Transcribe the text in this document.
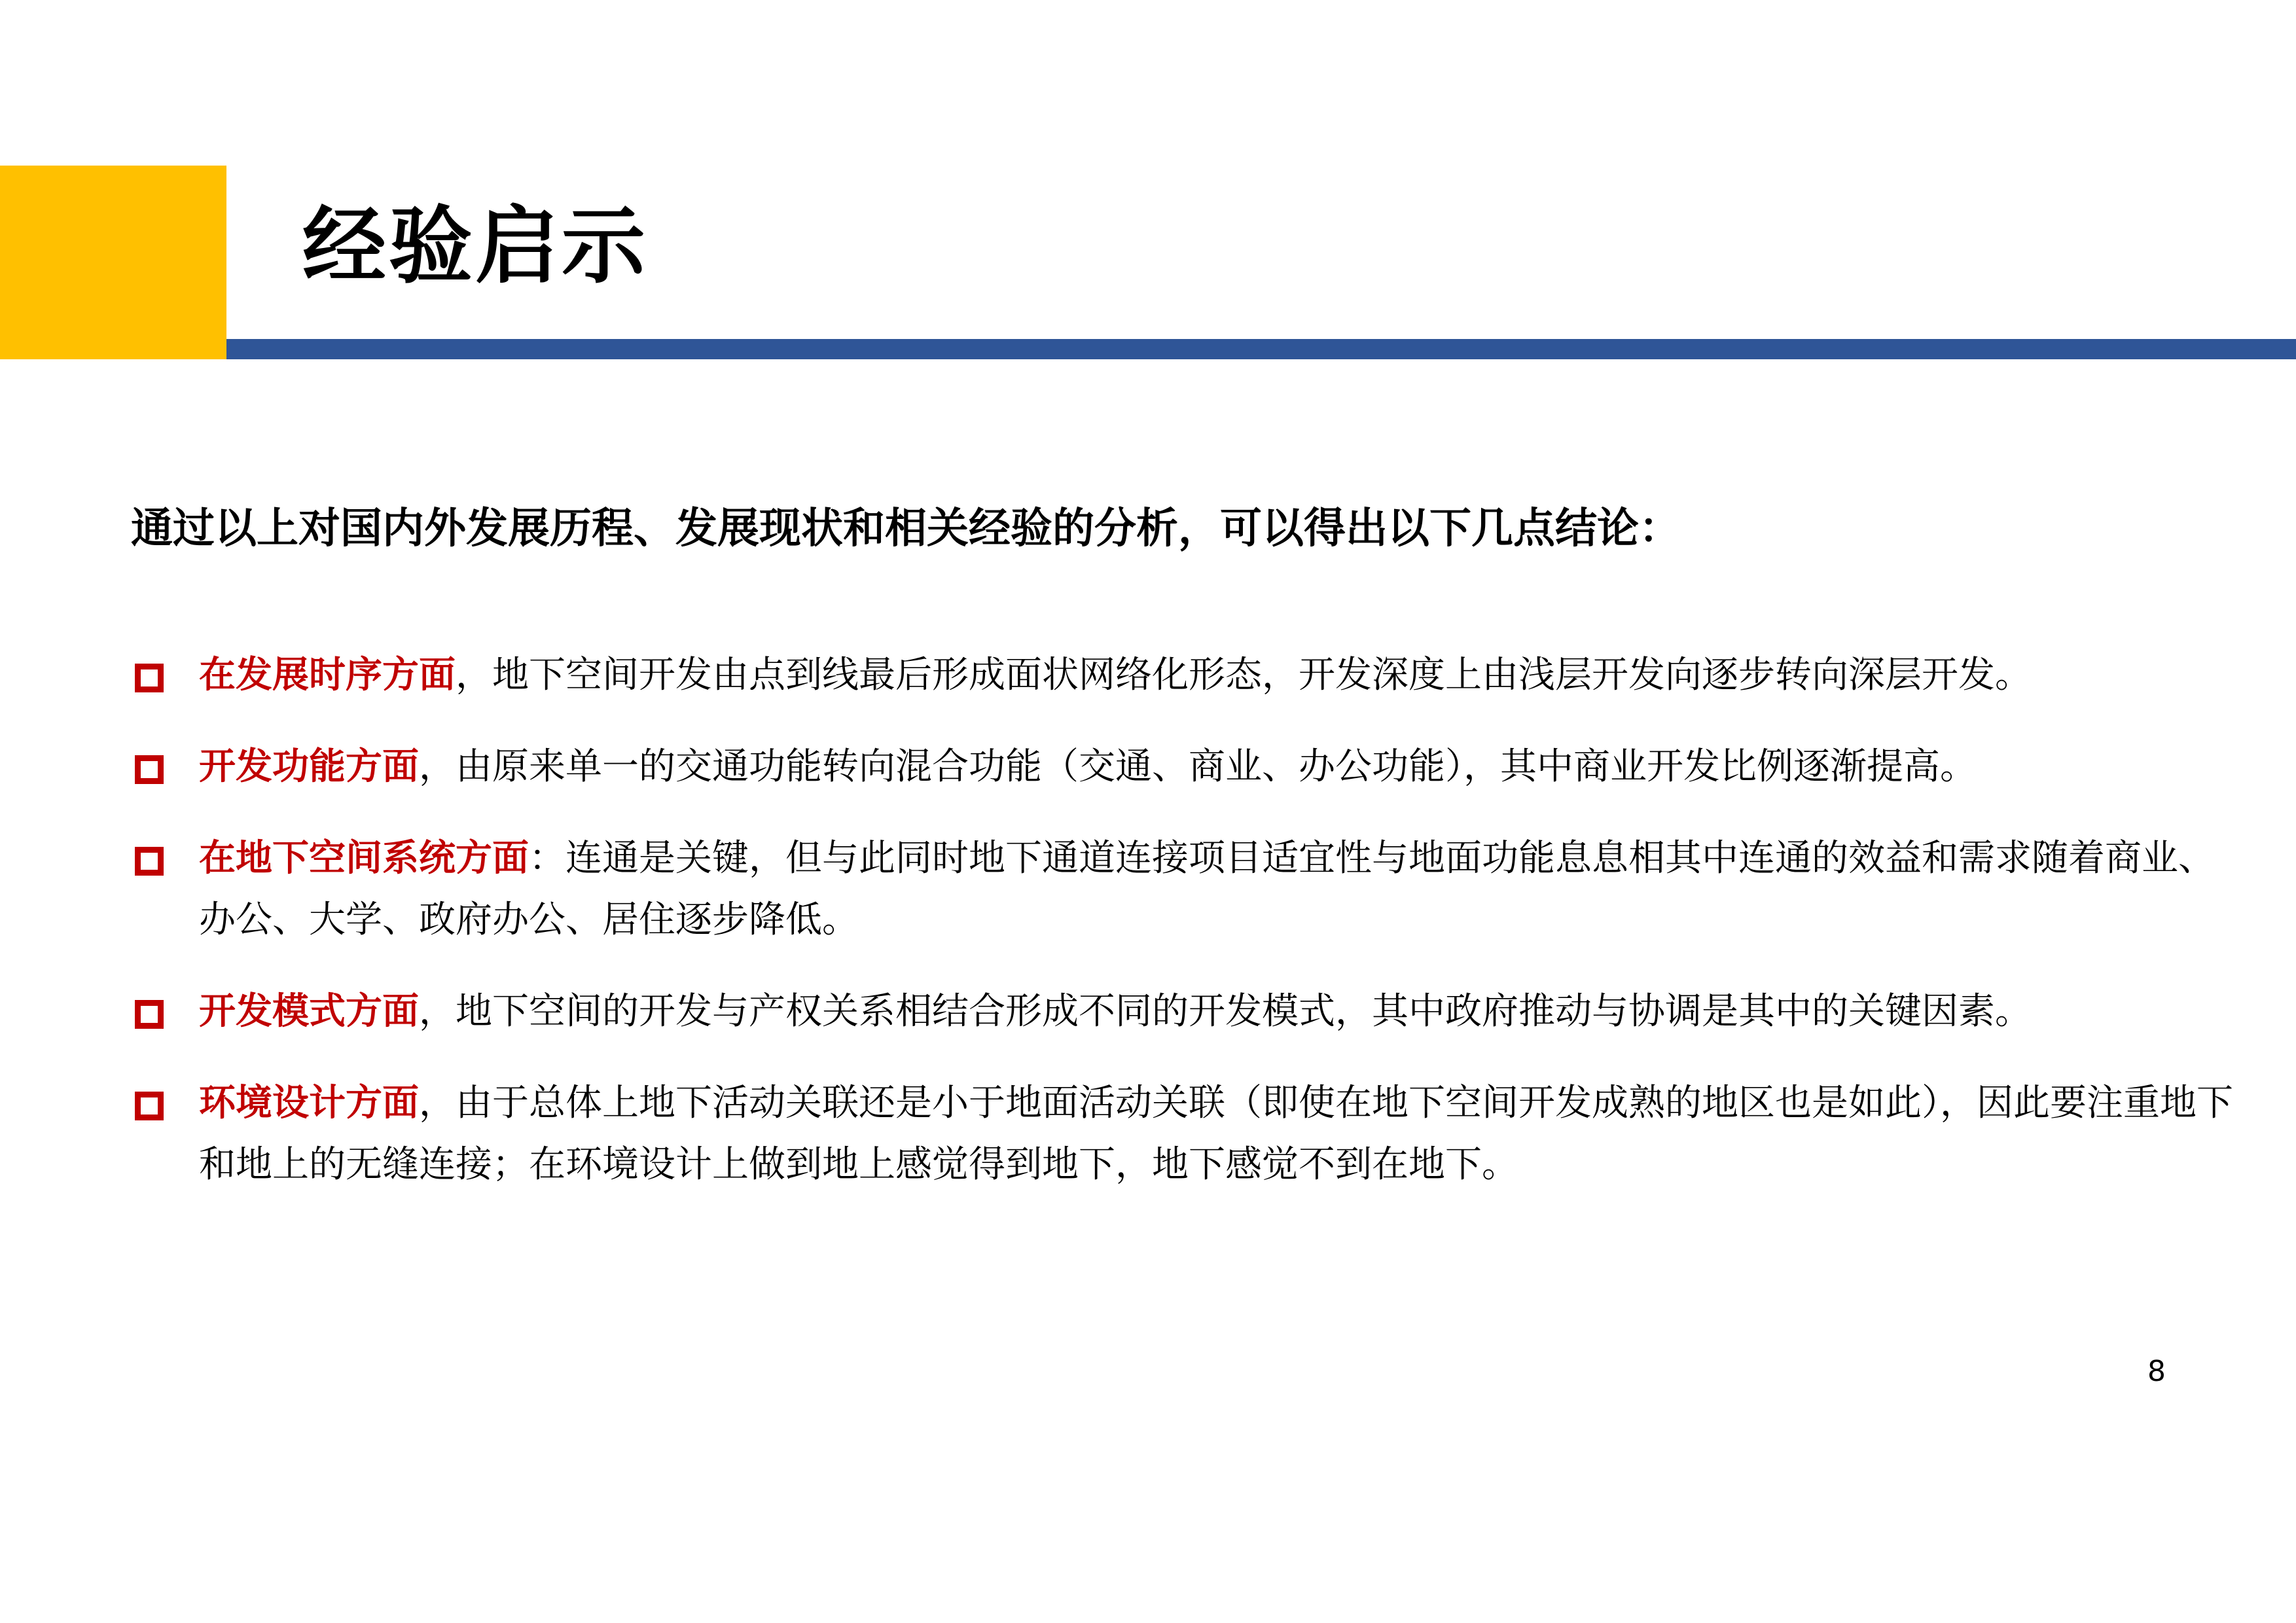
经验启示
通过以上对国内外发展历程、发展现状和相关经验的分析，可以得出以下几点结论：
在发展时序方面，地下空间开发由点到线最后形成面状网络化形态，开发深度上由浅层开发向逐步转向深层开发。
开发功能方面，由原来单一的交通功能转向混合功能（交通、商业、办公功能），其中商业开发比例逐渐提高。
在地下空间系统方面：连通是关键，但与此同时地下通道连接项目适宜性与地面功能息息相其中连通的效益和需求随着商业、办公、大学、政府办公、居住逐步降低。
开发模式方面，地下空间的开发与产权关系相结合形成不同的开发模式，其中政府推动与协调是其中的关键因素。
环境设计方面，由于总体上地下活动关联还是小于地面活动关联（即使在地下空间开发成熟的地区也是如此），因此要注重地下和地上的无缝连接；在环境设计上做到地上感觉得到地下，地下感觉不到在地下。
8
